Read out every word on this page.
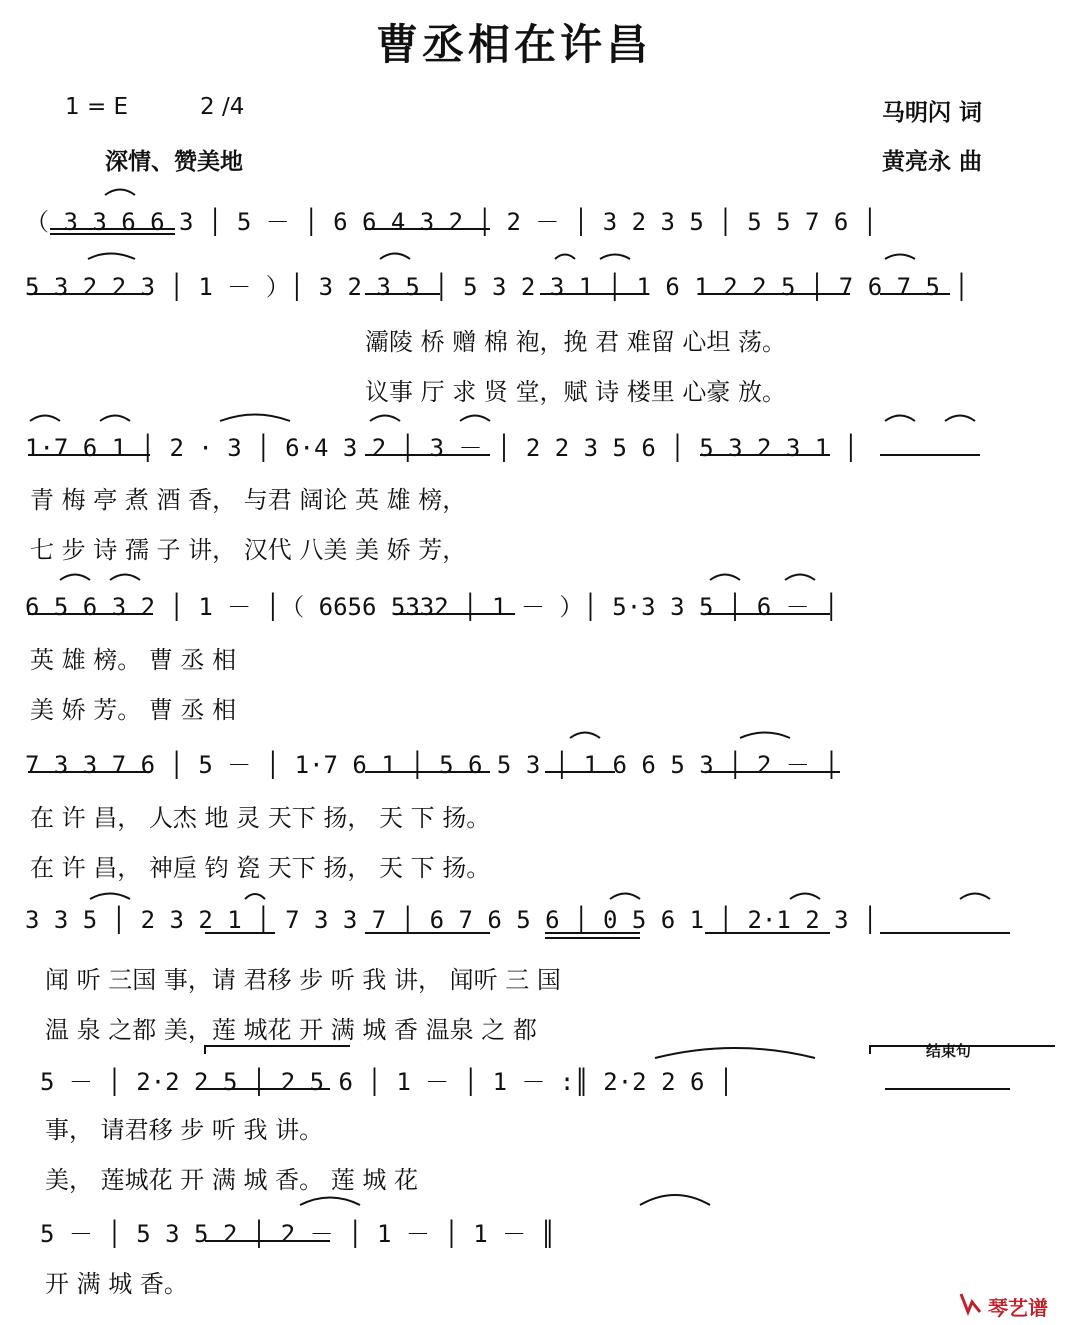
曹丞相在许昌
1 = E	2 /4
深情、赞美地
马明闪 词
黄亮永 曲
（ 3 3 6 6 3 │ 5 － │ 6 6 4 3 2 │ 2 － │ 3 2 3 5 │ 5 5 7 6 │
5 3 2 2 3 │ 1 － ）│ 3 2 3 5 │ 5 3 2 3 1 │ 1 6 1 2 2 5 │ 7 6 7 5 │
灞陵 桥 赠 棉 袍，挽 君 难留 心坦 荡。
议事 厅 求 贤 堂，赋 诗 楼里 心豪 放。
1·7 6 1 │ 2 · 3 │ 6·4 3 2 │ 3 － │ 2 2 3 5 6 │ 5 3 2 3 1 │
青 梅 亭 煮 酒 香， 与君 阔论 英 雄 榜，
七 步 诗 孺 子 讲， 汉代 八美 美 娇 芳，
6 5 6 3 2 │ 1 － │（ 6656 5332 │ 1 － ）│ 5·3 3 5 │ 6 － │
英 雄 榜。 曹 丞 相
美 娇 芳。 曹 丞 相
7 3 3 7 6 │ 5 － │ 1·7 6 1 │ 5 6 5 3 │ 1 6 6 5 3 │ 2 － │
在 许 昌， 人杰 地 灵 天下 扬， 天 下 扬。
在 许 昌， 神垕 钧 瓷 天下 扬， 天 下 扬。
3 3 5 │ 2 3 2 1 │ 7 3 3 7 │ 6 7 6 5 6 │ 0 5 6 1 │ 2·1 2 3 │
闻 听 三国 事，请 君移 步 听 我 讲， 闻听 三 国
温 泉 之都 美，莲 城花 开 满 城 香 温泉 之 都
结束句
5 － │ 2·2 2 5 │ 2 5 6 │ 1 － │ 1 － :║ 2·2 2 6 │
事， 请君移 步 听 我 讲。
美， 莲城花 开 满 城 香。 莲 城 花
5 － │ 5 3 5 2 │ 2 － │ 1 － │ 1 － ║
开 满 城 香。
琴艺谱
